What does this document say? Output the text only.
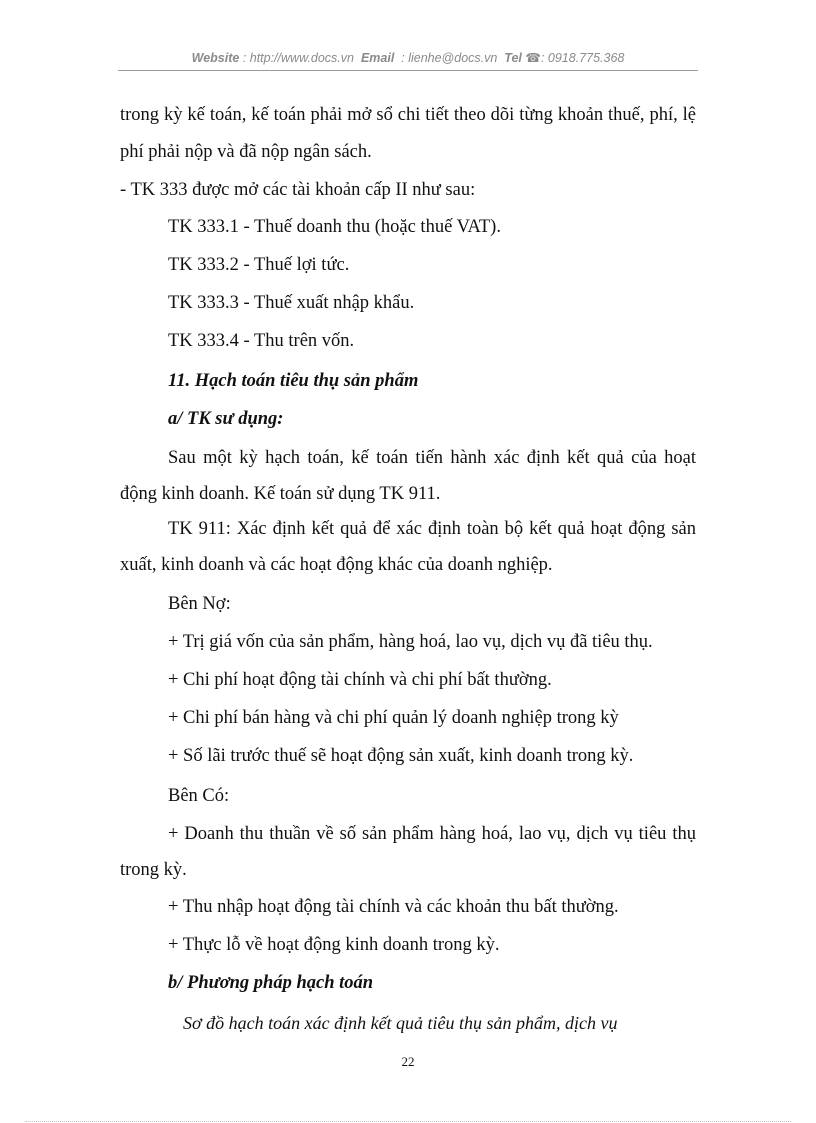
Website : http://www.docs.vn Email : lienhe@docs.vn Tel ☎: 0918.775.368
trong kỳ kế toán, kế toán phải mở sổ chi tiết theo dõi từng khoản thuế, phí, lệ
phí phải nộp và đã nộp ngân sách.
- TK 333 được mở các tài khoản cấp II như sau:
TK 333.1 - Thuế doanh thu (hoặc thuế VAT).
TK 333.2 - Thuế lợi tức.
TK 333.3 - Thuế xuất nhập khẩu.
TK 333.4 - Thu trên vốn.
11. Hạch toán tiêu thụ sản phẩm
a/ TK sư dụng:
Sau một kỳ hạch toán, kế toán tiến hành xác định kết quả của hoạt
động kinh doanh. Kế toán sử dụng TK 911.
TK 911: Xác định kết quả để xác định toàn bộ kết quả hoạt động sản
xuất, kinh doanh và các hoạt động khác của doanh nghiệp.
Bên Nợ:
+ Trị giá vốn của sản phẩm, hàng hoá, lao vụ, dịch vụ đã tiêu thụ.
+ Chi phí hoạt động tài chính và chi phí bất thường.
+ Chi phí bán hàng và chi phí quản lý doanh nghiệp trong kỳ
+ Số lãi trước thuế sẽ hoạt động sản xuất, kinh doanh trong kỳ.
Bên Có:
+ Doanh thu thuần về số sản phẩm hàng hoá, lao vụ, dịch vụ tiêu thụ
trong kỳ.
+ Thu nhập hoạt động tài chính và các khoản thu bất thường.
+ Thực lỗ về hoạt động kinh doanh trong kỳ.
b/ Phương pháp hạch toán
Sơ đồ hạch toán xác định kết quả tiêu thụ sản phẩm, dịch vụ
22
